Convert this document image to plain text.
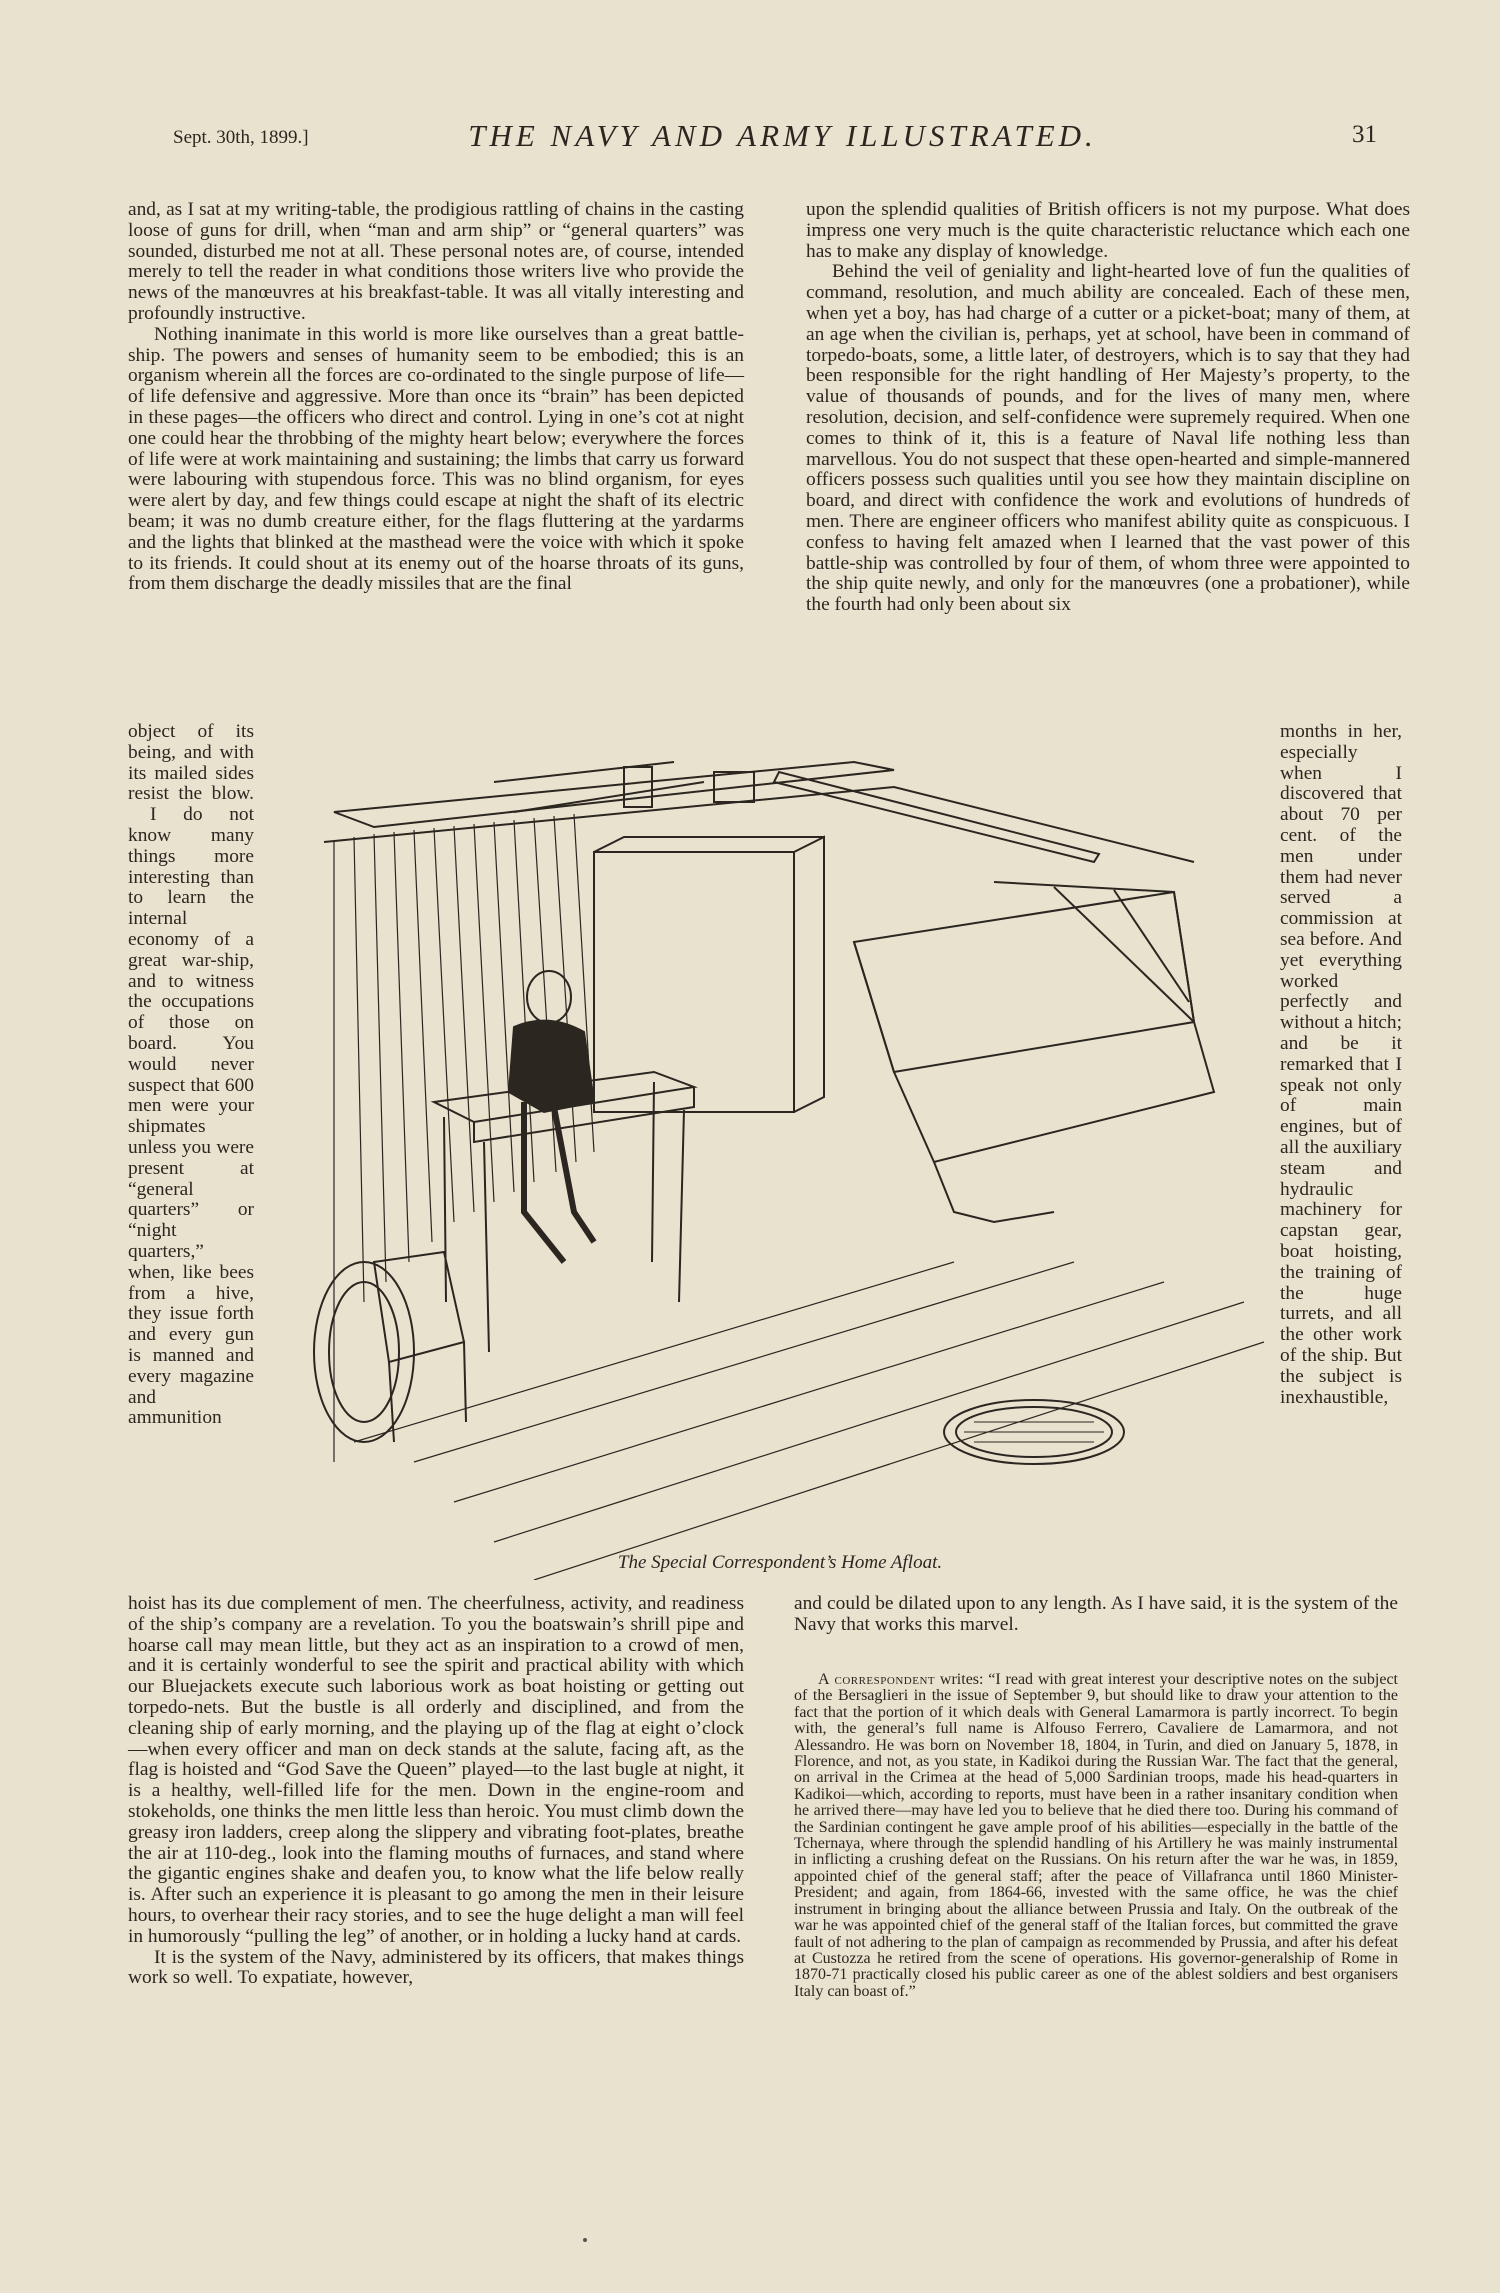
Sept. 30th, 1899.]	THE NAVY AND ARMY ILLUSTRATED.	31

and, as I sat at my writing-table, the prodigious rattling of chains in the casting loose of guns for drill, when “man and arm ship” or “general quarters” was sounded, disturbed me not at all. These personal notes are, of course, intended merely to tell the reader in what conditions those writers live who provide the news of the manœuvres at his breakfast-table. It was all vitally interesting and profoundly instructive.

Nothing inanimate in this world is more like ourselves than a great battle-ship. The powers and senses of humanity seem to be embodied; this is an organism wherein all the forces are co-ordinated to the single purpose of life—of life defensive and aggressive. More than once its “brain” has been depicted in these pages—the officers who direct and control. Lying in one’s cot at night one could hear the throbbing of the mighty heart below; everywhere the forces of life were at work maintaining and sustaining; the limbs that carry us forward were labouring with stupendous force. This was no blind organism, for eyes were alert by day, and few things could escape at night the shaft of its electric beam; it was no dumb creature either, for the flags fluttering at the yardarms and the lights that blinked at the masthead were the voice with which it spoke to its friends. It could shout at its enemy out of the hoarse throats of its guns, from them discharge the deadly missiles that are the final

object of its being, and with its mailed sides resist the blow.

I do not know many things more interesting than to learn the internal economy of a great war-ship, and to witness the occupations of those on board. You would never suspect that 600 men were your shipmates unless you were present at “general quarters” or “night quarters,” when, like bees from a hive, they issue forth and every gun is manned and every magazine and ammunition

upon the splendid qualities of British officers is not my purpose. What does impress one very much is the quite characteristic reluctance which each one has to make any display of knowledge.

Behind the veil of geniality and light-hearted love of fun the qualities of command, resolution, and much ability are concealed. Each of these men, when yet a boy, has had charge of a cutter or a picket-boat; many of them, at an age when the civilian is, perhaps, yet at school, have been in command of torpedo-boats, some, a little later, of destroyers, which is to say that they had been responsible for the right handling of Her Majesty’s property, to the value of thousands of pounds, and for the lives of many men, where resolution, decision, and self-confidence were supremely required. When one comes to think of it, this is a feature of Naval life nothing less than marvellous. You do not suspect that these open-hearted and simple-mannered officers possess such qualities until you see how they maintain discipline on board, and direct with confidence the work and evolutions of hundreds of men. There are engineer officers who manifest ability quite as conspicuous. I confess to having felt amazed when I learned that the vast power of this battle-ship was controlled by four of them, of whom three were appointed to the ship quite newly, and only for the manœuvres (one a probationer), while the fourth had only been about six

months in her, especially when I discovered that about 70 per cent. of the men under them had never served a commission at sea before. And yet everything worked perfectly and without a hitch; and be it remarked that I speak not only of main engines, but of all the auxiliary steam and hydraulic machinery for capstan gear, boat hoisting, the training of the huge turrets, and all the other work of the ship. But the subject is inexhaustible,

The Special Correspondent’s Home Afloat.

hoist has its due complement of men. The cheerfulness, activity, and readiness of the ship’s company are a revelation. To you the boatswain’s shrill pipe and hoarse call may mean little, but they act as an inspiration to a crowd of men, and it is certainly wonderful to see the spirit and practical ability with which our Bluejackets execute such laborious work as boat hoisting or getting out torpedo-nets. But the bustle is all orderly and disciplined, and from the cleaning ship of early morning, and the playing up of the flag at eight o’clock—when every officer and man on deck stands at the salute, facing aft, as the flag is hoisted and “God Save the Queen” played—to the last bugle at night, it is a healthy, well-filled life for the men. Down in the engine-room and stokeholds, one thinks the men little less than heroic. You must climb down the greasy iron ladders, creep along the slippery and vibrating foot-plates, breathe the air at 110-deg., look into the flaming mouths of furnaces, and stand where the gigantic engines shake and deafen you, to know what the life below really is. After such an experience it is pleasant to go among the men in their leisure hours, to overhear their racy stories, and to see the huge delight a man will feel in humorously “pulling the leg” of another, or in holding a lucky hand at cards.

It is the system of the Navy, administered by its officers, that makes things work so well. To expatiate, however,

and could be dilated upon to any length. As I have said, it is the system of the Navy that works this marvel.

A correspondent writes: “I read with great interest your descriptive notes on the subject of the Bersaglieri in the issue of September 9, but should like to draw your attention to the fact that the portion of it which deals with General Lamarmora is partly incorrect. To begin with, the general’s full name is Alfouso Ferrero, Cavaliere de Lamarmora, and not Alessandro. He was born on November 18, 1804, in Turin, and died on January 5, 1878, in Florence, and not, as you state, in Kadikoi during the Russian War. The fact that the general, on arrival in the Crimea at the head of 5,000 Sardinian troops, made his head-quarters in Kadikoi—which, according to reports, must have been in a rather insanitary condition when he arrived there—may have led you to believe that he died there too. During his command of the Sardinian contingent he gave ample proof of his abilities—especially in the battle of the Tchernaya, where through the splendid handling of his Artillery he was mainly instrumental in inflicting a crushing defeat on the Russians. On his return after the war he was, in 1859, appointed chief of the general staff; after the peace of Villafranca until 1860 Minister-President; and again, from 1864-66, invested with the same office, he was the chief instrument in bringing about the alliance between Prussia and Italy. On the outbreak of the war he was appointed chief of the general staff of the Italian forces, but committed the grave fault of not adhering to the plan of campaign as recommended by Prussia, and after his defeat at Custozza he retired from the scene of operations. His governor-generalship of Rome in 1870-71 practically closed his public career as one of the ablest soldiers and best organisers Italy can boast of.”
